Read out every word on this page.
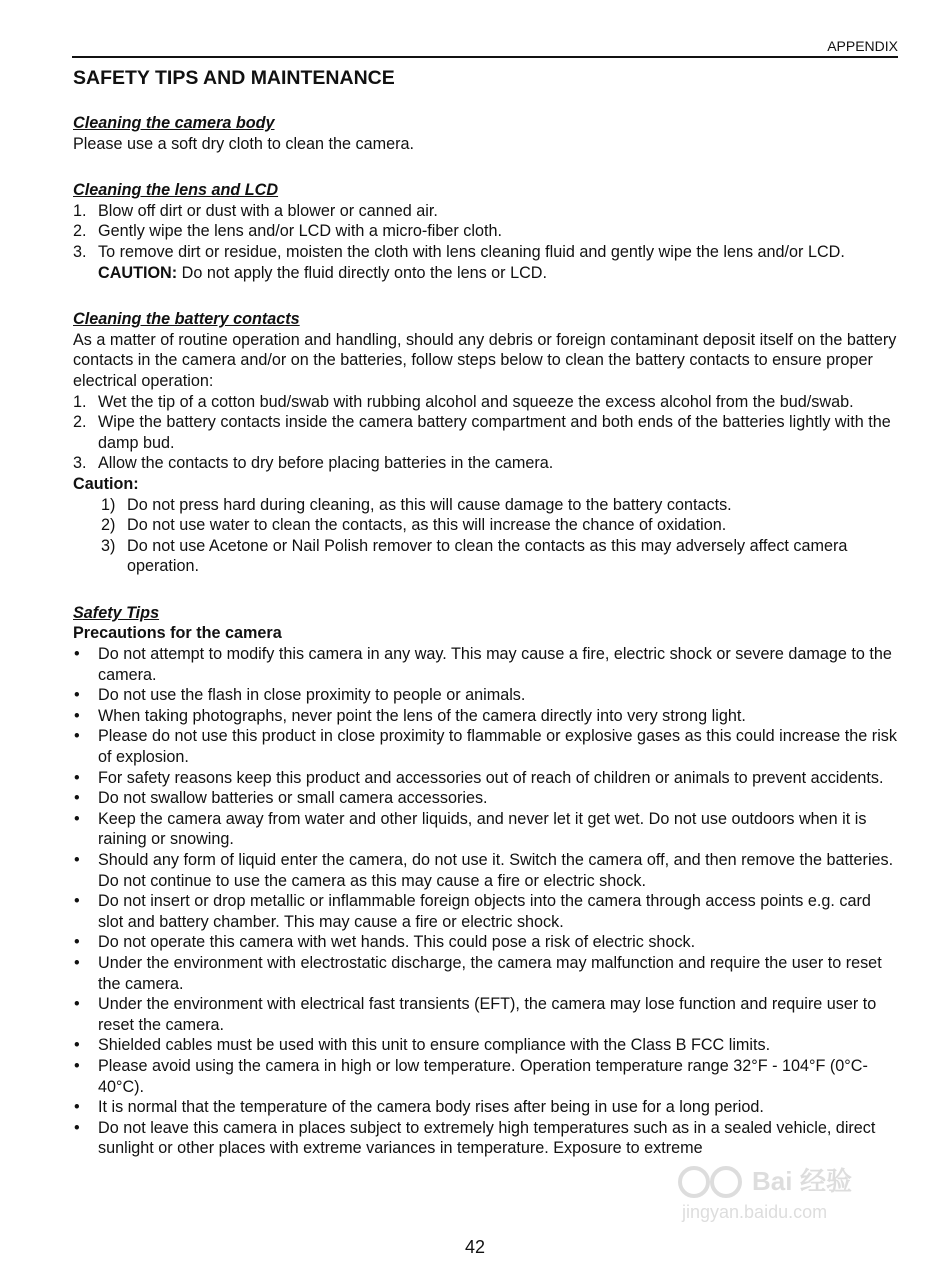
APPENDIX
SAFETY TIPS AND MAINTENANCE
Cleaning the camera body

Please use a soft dry cloth to clean the camera.

Cleaning the lens and LCD
1. Blow off dirt or dust with a blower or canned air.
2. Gently wipe the lens and/or LCD with a micro-fiber cloth.
3. To remove dirt or residue, moisten the cloth with lens cleaning fluid and gently wipe the lens and/or LCD.
CAUTION: Do not apply the fluid directly onto the lens or LCD.
Cleaning the battery contacts

As a matter of routine operation and handling, should any debris or foreign contaminant deposit itself on the battery contacts in the camera and/or on the batteries, follow steps below to clean the battery contacts to ensure proper electrical operation:

1. Wet the tip of a cotton bud/swab with rubbing alcohol and squeeze the excess alcohol from the bud/swab.
2. Wipe the battery contacts inside the camera battery compartment and both ends of the batteries lightly with the damp bud.
3. Allow the contacts to dry before placing batteries in the camera.
Caution:
1) Do not press hard during cleaning, as this will cause damage to the battery contacts.
2) Do not use water to clean the contacts, as this will increase the chance of oxidation.
3) Do not use Acetone or Nail Polish remover to clean the contacts as this may adversely affect camera operation.
Safety Tips
Precautions for the camera
• Do not attempt to modify this camera in any way. This may cause a fire, electric shock or severe damage to the camera.
• Do not use the flash in close proximity to people or animals.
• When taking photographs, never point the lens of the camera directly into very strong light.
• Please do not use this product in close proximity to flammable or explosive gases as this could increase the risk of explosion.
• For safety reasons keep this product and accessories out of reach of children or animals to prevent accidents.
• Do not swallow batteries or small camera accessories.
• Keep the camera away from water and other liquids, and never let it get wet. Do not use outdoors when it is raining or snowing.
• Should any form of liquid enter the camera, do not use it. Switch the camera off, and then remove the batteries. Do not continue to use the camera as this may cause a fire or electric shock.
• Do not insert or drop metallic or inflammable foreign objects into the camera through access points e.g. card slot and battery chamber. This may cause a fire or electric shock.
• Do not operate this camera with wet hands. This could pose a risk of electric shock.
• Under the environment with electrostatic discharge, the camera may malfunction and require the user to reset the camera.
• Under the environment with electrical fast transients (EFT), the camera may lose function and require user to reset the camera.
• Shielded cables must be used with this unit to ensure compliance with the Class B FCC limits.
• Please avoid using the camera in high or low temperature. Operation temperature range 32°F - 104°F (0°C- 40°C).
• It is normal that the temperature of the camera body rises after being in use for a long period.
• Do not leave this camera in places subject to extremely high temperatures such as in a sealed vehicle, direct sunlight or other places with extreme variances in temperature. Exposure to extreme
42
Bai 经验
jingyan.baidu.com
